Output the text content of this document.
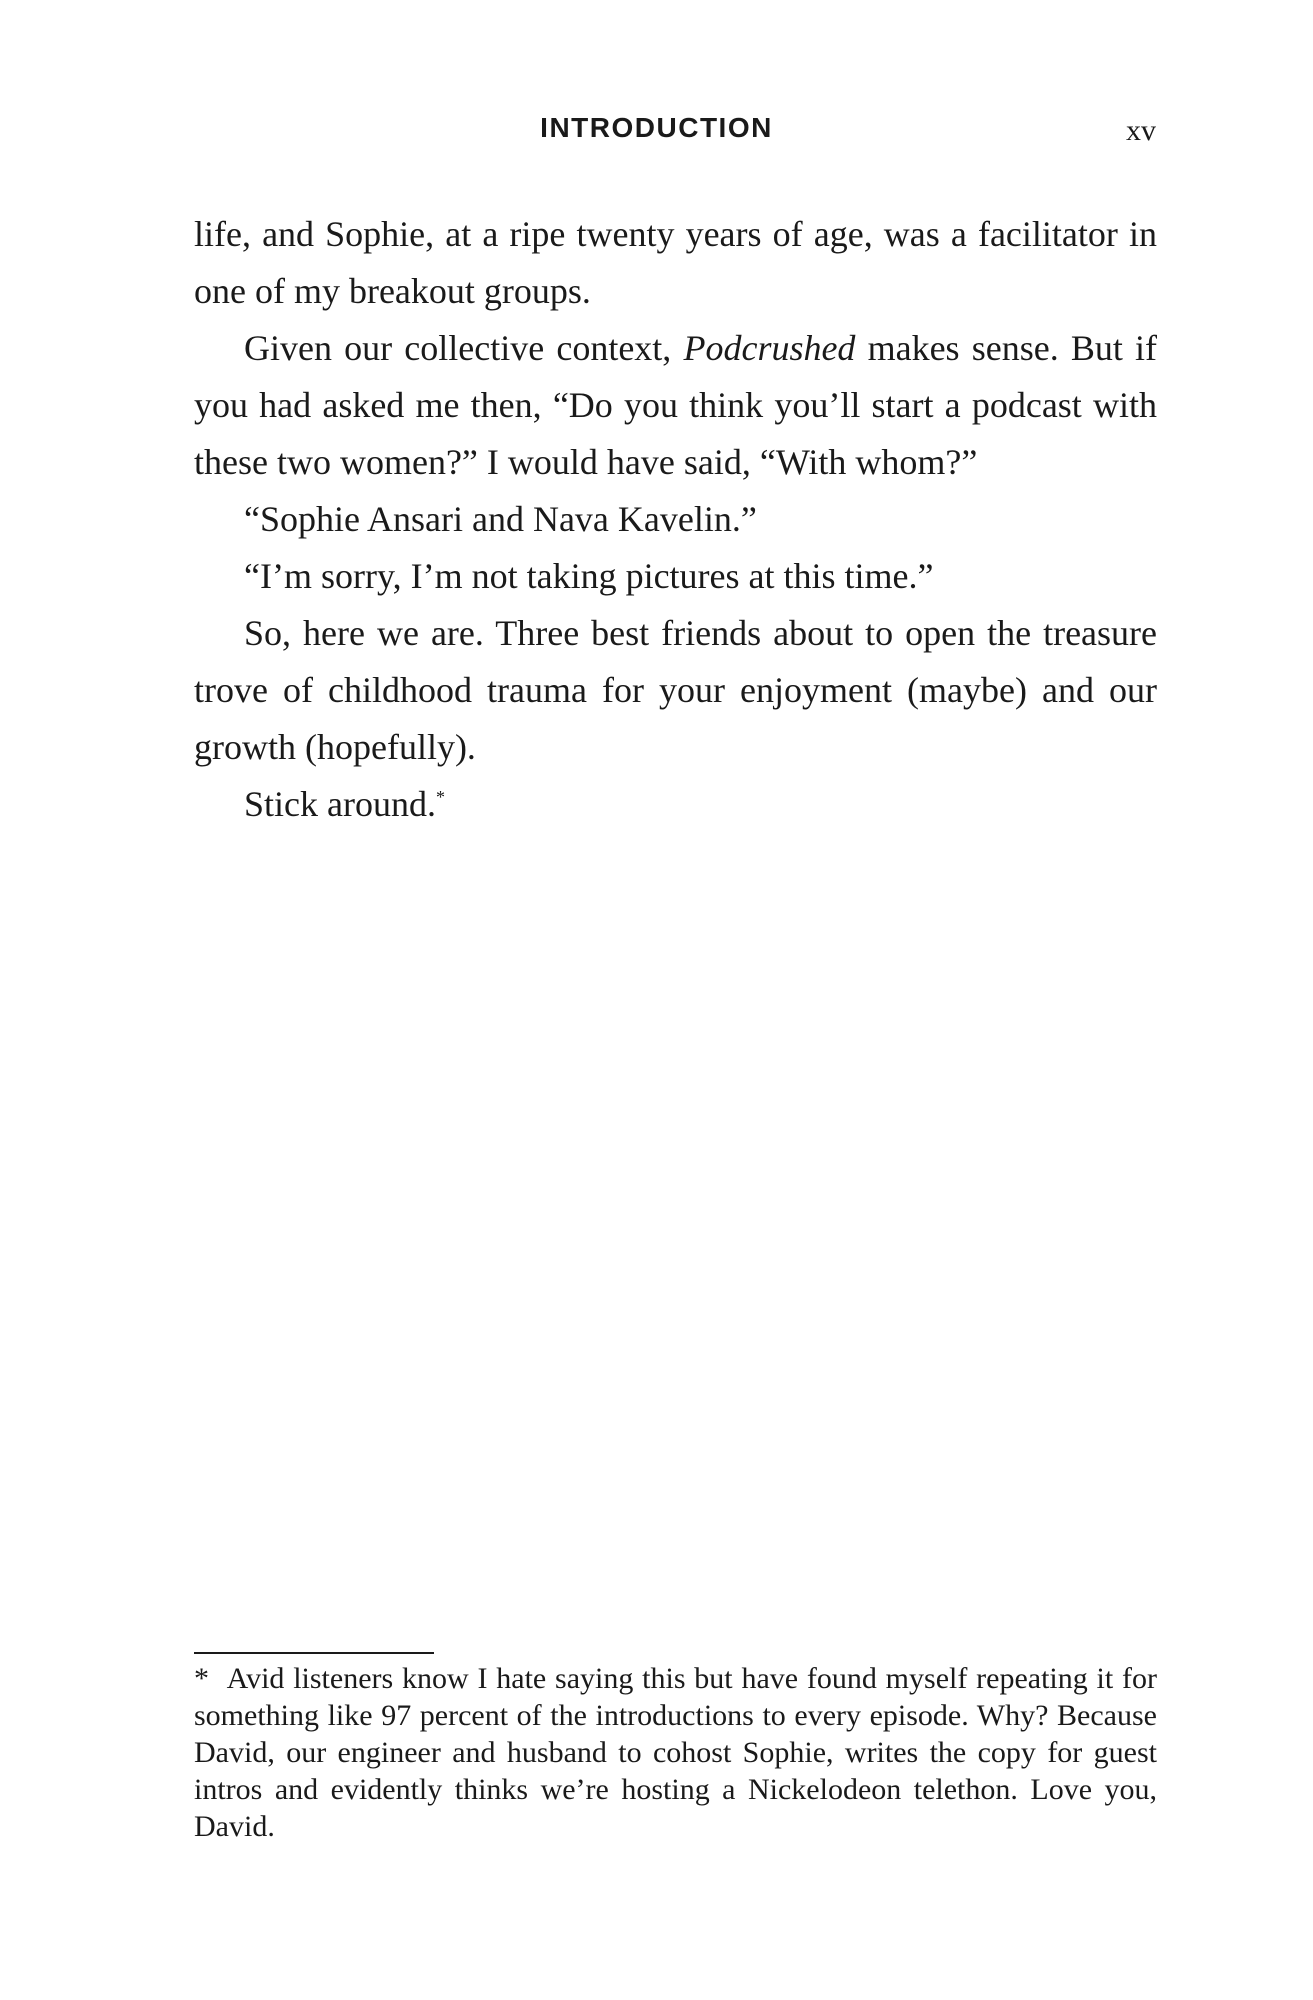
INTRODUCTION	xv

life, and Sophie, at a ripe twenty years of age, was a facilitator in one of my breakout groups.

Given our collective context, Podcrushed makes sense. But if you had asked me then, “Do you think you’ll start a podcast with these two women?” I would have said, “With whom?”

“Sophie Ansari and Nava Kavelin.”

“I’m sorry, I’m not taking pictures at this time.”

So, here we are. Three best friends about to open the treasure trove of childhood trauma for your enjoyment (maybe) and our growth (hopefully).

Stick around.*

* Avid listeners know I hate saying this but have found myself repeating it for something like 97 percent of the introductions to every episode. Why? Because David, our engineer and husband to cohost Sophie, writes the copy for guest intros and evidently thinks we’re hosting a Nickelodeon telethon. Love you, David.
